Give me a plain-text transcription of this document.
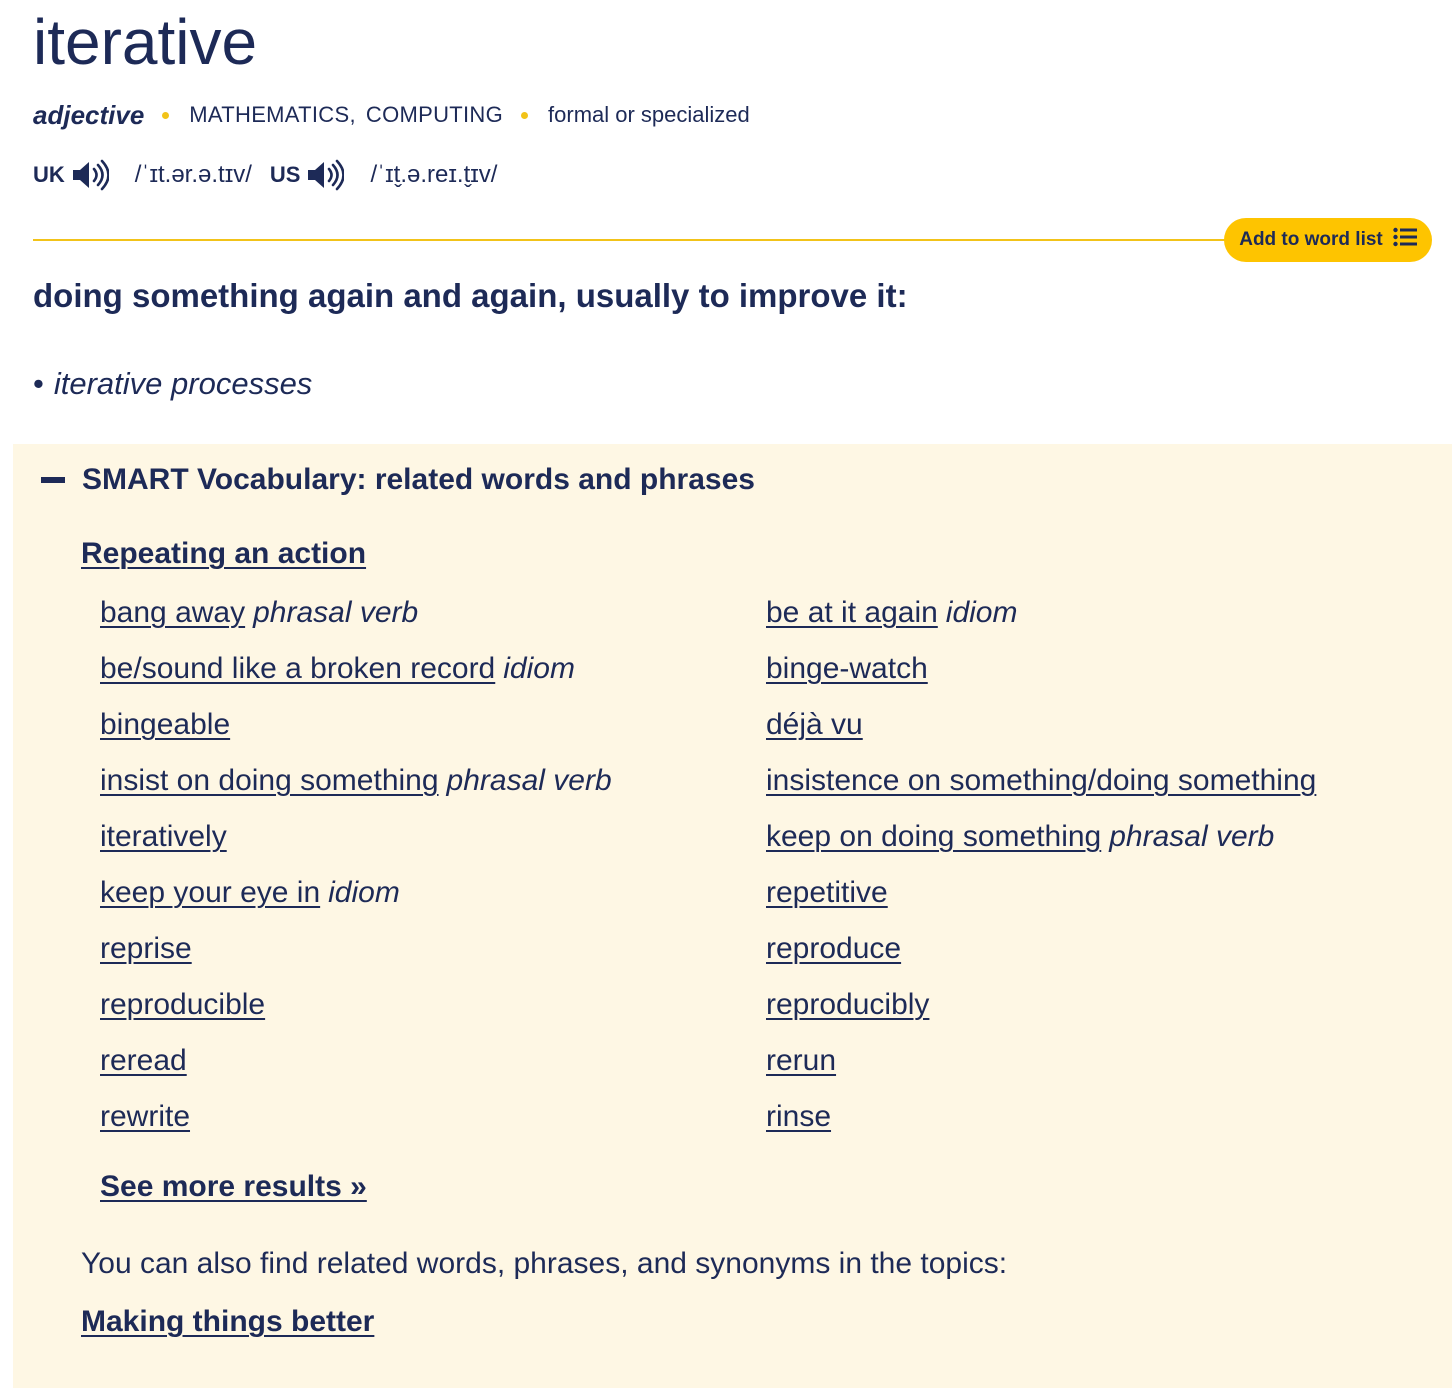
iterative
adjective MATHEMATICS , COMPUTING formal or specialized
UK	/ˈɪt.ər.ə.tɪv/ US	/ˈɪt̬.ə.reɪ.t̬ɪv/
Add to word list

doing something again and again, usually to improve it:

• iterative processes
SMART Vocabulary: related words and phrases
Repeating an action
bang away phrasal verb	be at it again idiom
be/sound like a broken record idiom	binge-watch
bingeable	déjà vu
insist on doing something phrasal verb	insistence on something/doing something
iteratively	keep on doing something phrasal verb
keep your eye in idiom	repetitive
reprise	reproduce
reproducible	reproducibly
reread	rerun
rewrite	rinse
See more results »
You can also find related words, phrases, and synonyms in the topics:
Making things better
